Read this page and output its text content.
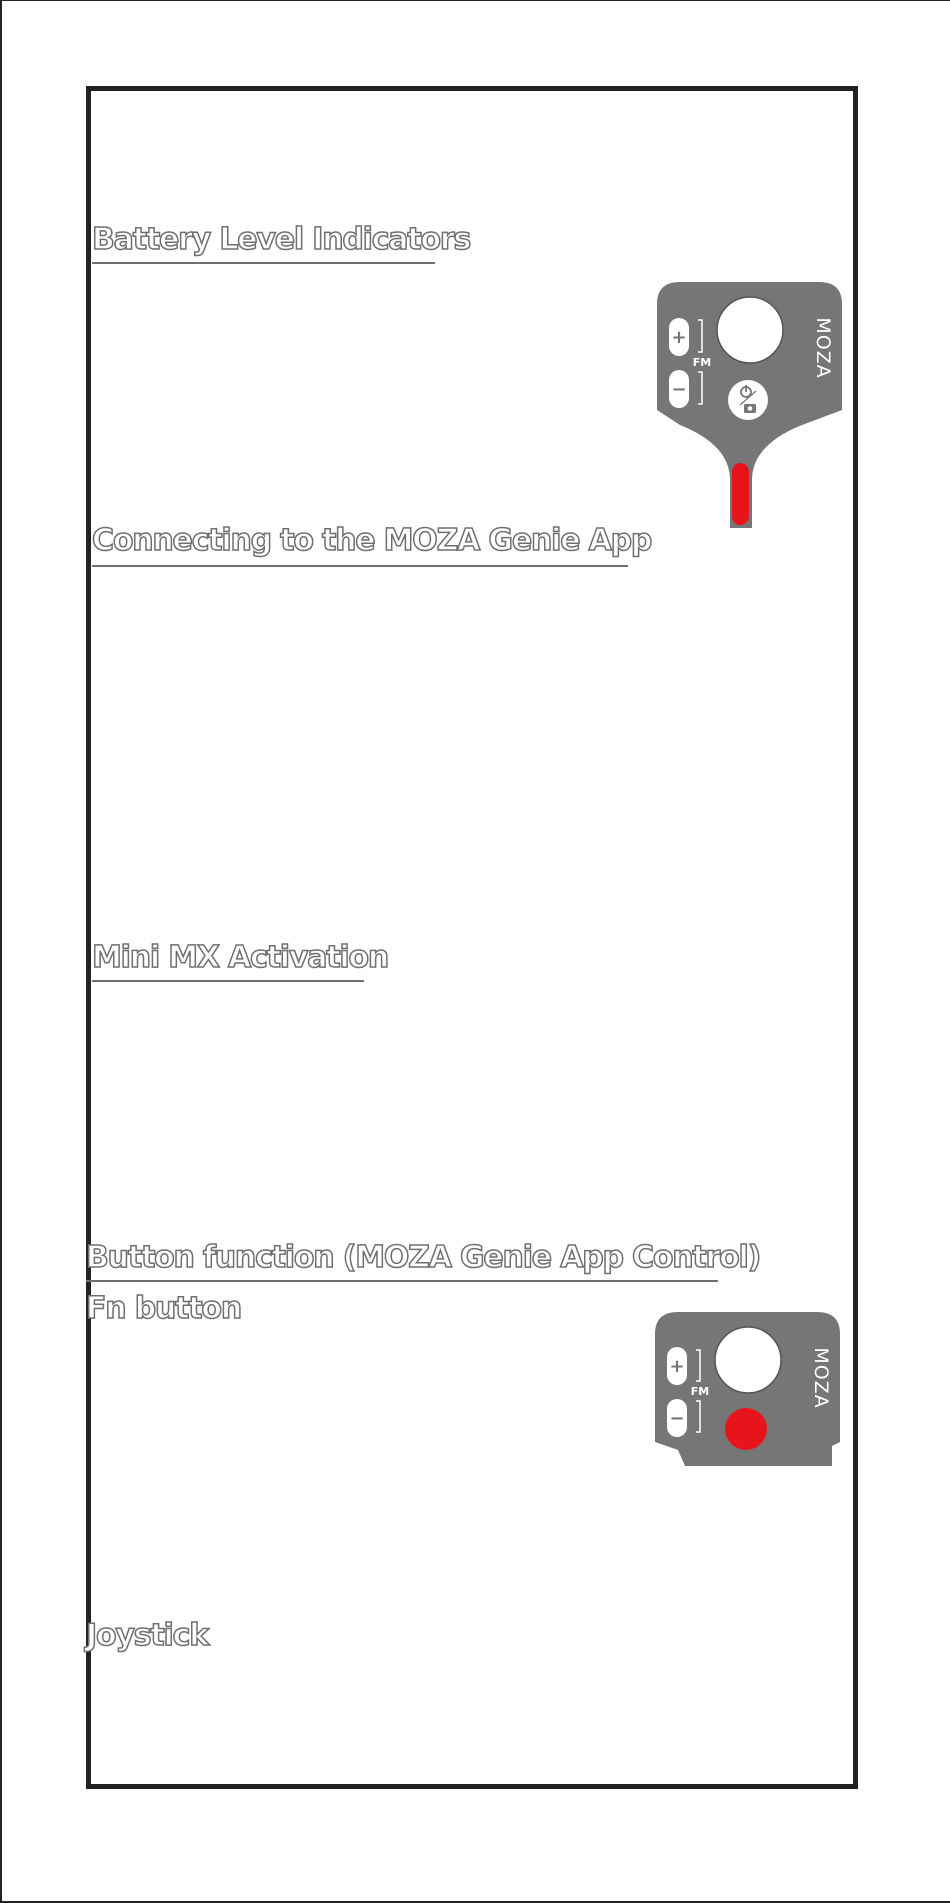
Battery Level Indicators
+
−
FM	MOZA
Connecting to the MOZA Genie App
Mini MX Activation
Button function (MOZA Genie App Control)
Fn button
+
−
FM	MOZA
Joystick
